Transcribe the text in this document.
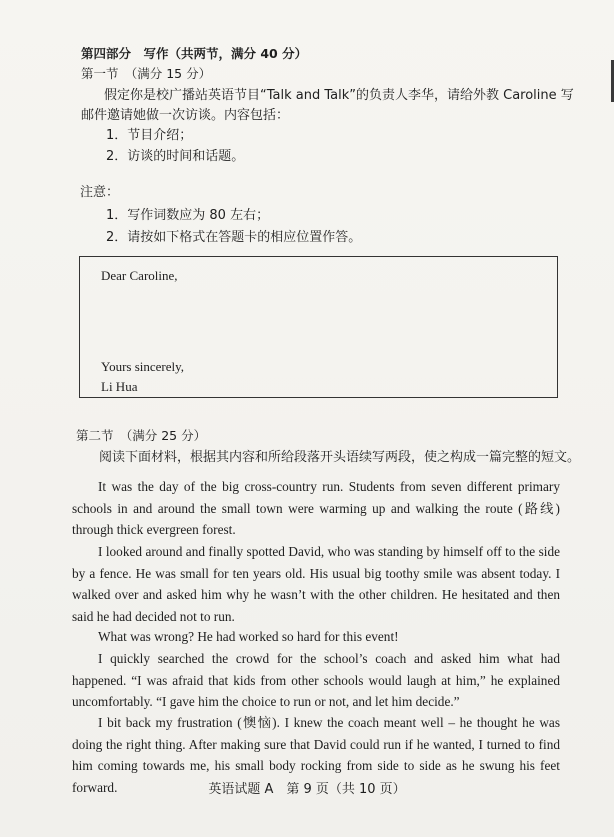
第四部分　写作（共两节，满分 40 分）
第一节　（满分 15 分）
假定你是校广播站英语节目“Talk and Talk”的负责人李华，请给外教 Caroline 写
邮件邀请她做一次访谈。内容包括：
1．节目介绍；
2．访谈的时间和话题。
注意：
1．写作词数应为 80 左右；
2．请按如下格式在答题卡的相应位置作答。
Dear Caroline,
Yours sincerely,
Li Hua
第二节　（满分 25 分）
阅读下面材料，根据其内容和所给段落开头语续写两段，使之构成一篇完整的短文。
It was the day of the big cross-country run. Students from seven different primary schools in and around the small town were warming up and walking the route (路线) through thick evergreen forest.
I looked around and finally spotted David, who was standing by himself off to the side by a fence. He was small for ten years old. His usual big toothy smile was absent today. I walked over and asked him why he wasn’t with the other children. He hesitated and then said he had decided not to run.
What was wrong? He had worked so hard for this event!
I quickly searched the crowd for the school’s coach and asked him what had happened. “I was afraid that kids from other schools would laugh at him,” he explained uncomfortably. “I gave him the choice to run or not, and let him decide.”
I bit back my frustration (懊恼). I knew the coach meant well – he thought he was doing the right thing. After making sure that David could run if he wanted, I turned to find him coming towards me, his small body rocking from side to side as he swung his feet forward.	英语试题 A　第 9 页（共 10 页）
